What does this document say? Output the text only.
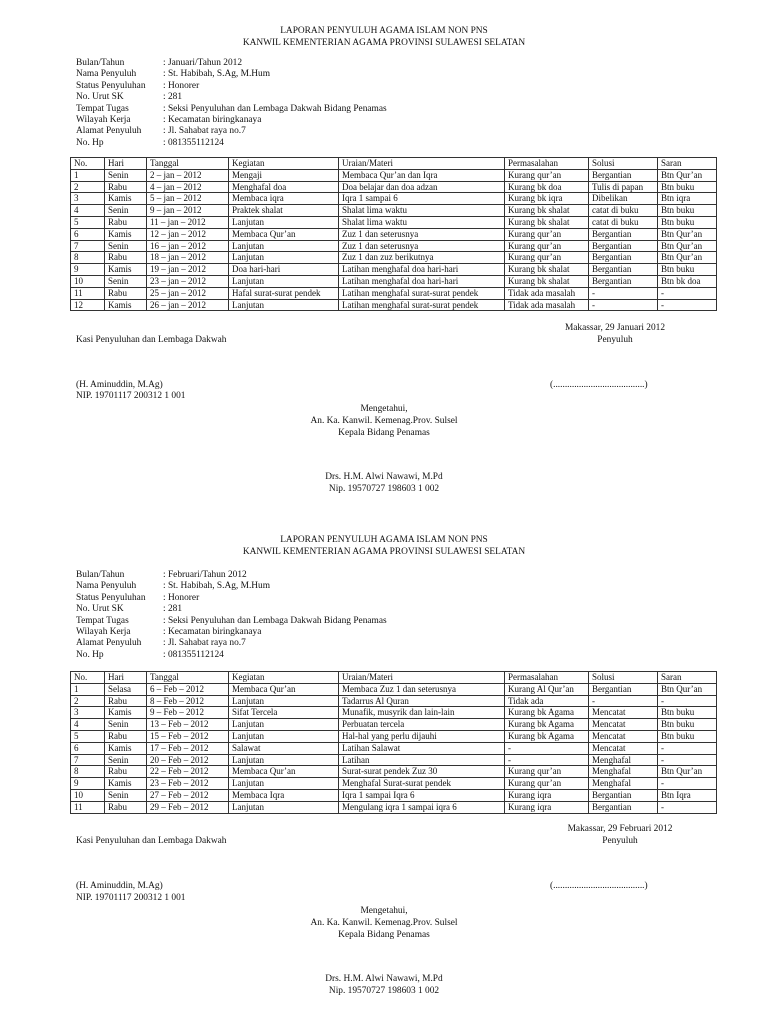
LAPORAN PENYULUH AGAMA ISLAM NON PNS
KANWIL KEMENTERIAN AGAMA PROVINSI SULAWESI SELATAN
Bulan/Tahun	: Januari/Tahun 2012
Nama Penyuluh	: St. Habibah, S.Ag, M.Hum
Status Penyuluhan : Honorer
No. Urut SK	: 281
Tempat Tugas	: Seksi Penyuluhan dan Lembaga Dakwah Bidang Penamas
Wilayah Kerja	: Kecamatan biringkanaya
Alamat Penyuluh : Jl. Sahabat raya no.7
No. Hp	: 081355112124
No.	Hari	Tanggal	Kegiatan	Uraian/Materi	Permasalahan	Solusi	Saran
1	Senin	2 – jan – 2012	Mengaji	Membaca Qur’an dan Iqra	Kurang qur’an	Bergantian	Btn Qur’an
2	Rabu	4 – jan – 2012	Menghafal doa	Doa belajar dan doa adzan	Kurang bk doa	Tulis di papan	Btn buku
3	Kamis	5 – jan – 2012	Membaca iqra	Iqra 1 sampai 6	Kurang bk iqra	Dibelikan	Btn iqra
4	Senin	9 – jan – 2012	Praktek shalat	Shalat lima waktu	Kurang bk shalat	catat di buku	Btn buku
5	Rabu	11 – jan – 2012	Lanjutan	Shalat lima waktu	Kurang bk shalat	catat di buku	Btn buku
6	Kamis	12 – jan – 2012	Membaca Qur’an	Zuz 1 dan seterusnya	Kurang qur’an	Bergantian	Btn Qur’an
7	Senin	16 – jan – 2012	Lanjutan	Zuz 1 dan seterusnya	Kurang qur’an	Bergantian	Btn Qur’an
8	Rabu	18 – jan – 2012	Lanjutan	Zuz 1 dan zuz berikutnya	Kurang qur’an	Bergantian	Btn Qur’an
9	Kamis	19 – jan – 2012	Doa hari-hari	Latihan menghafal doa hari-hari	Kurang bk shalat	Bergantian	Btn buku
10	Senin	23 – jan – 2012	Lanjutan	Latihan menghafal doa hari-hari	Kurang bk shalat	Bergantian	Btn bk doa
11	Rabu	25 – jan – 2012	Hafal surat-surat pendek	Latihan menghafal surat-surat pendek	Tidak ada masalah	-	-
12	Kamis	26 – jan – 2012	Lanjutan	Latihan menghafal surat-surat pendek	Tidak ada masalah	-	-
Makassar, 29 Januari 2012
Kasi Penyuluhan dan Lembaga Dakwah	Penyuluh
(H. Aminuddin, M.Ag)	(.......................................)
NIP. 19701117 200312 1 001
Mengetahui,
An. Ka. Kanwil. Kemenag.Prov. Sulsel
Kepala Bidang Penamas
Drs. H.M. Alwi Nawawi, M.Pd
Nip. 19570727 198603 1 002
LAPORAN PENYULUH AGAMA ISLAM NON PNS
KANWIL KEMENTERIAN AGAMA PROVINSI SULAWESI SELATAN
Bulan/Tahun	: Februari/Tahun 2012
Nama Penyuluh	: St. Habibah, S.Ag, M.Hum
Status Penyuluhan : Honorer
No. Urut SK	: 281
Tempat Tugas	: Seksi Penyuluhan dan Lembaga Dakwah Bidang Penamas
Wilayah Kerja	: Kecamatan biringkanaya
Alamat Penyuluh : Jl. Sahabat raya no.7
No. Hp	: 081355112124
No.	Hari	Tanggal	Kegiatan	Uraian/Materi	Permasalahan	Solusi	Saran
1	Selasa	6 – Feb – 2012	Membaca Qur’an	Membaca Zuz 1 dan seterusnya	Kurang Al Qur’an	Bergantian	Btn Qur’an
2	Rabu	8 – Feb – 2012	Lanjutan	Tadarrus Al Quran	Tidak ada	-	-
3	Kamis	9 – Feb – 2012	Sifat Tercela	Munafik, musyrik dan lain-lain	Kurang bk Agama	Mencatat	Btn buku
4	Senin	13 – Feb – 2012	Lanjutan	Perbuatan tercela	Kurang bk Agama	Mencatat	Btn buku
5	Rabu	15 – Feb – 2012	Lanjutan	Hal-hal yang perlu dijauhi	Kurang bk Agama	Mencatat	Btn buku
6	Kamis	17 – Feb – 2012	Salawat	Latihan Salawat	-	Mencatat	-
7	Senin	20 – Feb – 2012	Lanjutan	Latihan	-	Menghafal	-
8	Rabu	22 – Feb – 2012	Membaca Qur’an	Surat-surat pendek Zuz 30	Kurang qur’an	Menghafal	Btn Qur’an
9	Kamis	23 – Feb – 2012	Lanjutan	Menghafal Surat-surat pendek	Kurang qur’an	Menghafal	-
10	Senin	27 – Feb – 2012	Membaca Iqra	Iqra 1 sampai Iqra 6	Kurang iqra	Bergantian	Btn Iqra
11	Rabu	29 – Feb – 2012	Lanjutan	Mengulang iqra 1 sampai iqra 6	Kurang iqra	Bergantian	-
Makassar, 29 Februari 2012
Kasi Penyuluhan dan Lembaga Dakwah	Penyuluh
(H. Aminuddin, M.Ag)	(.......................................)
NIP. 19701117 200312 1 001
Mengetahui,
An. Ka. Kanwil. Kemenag.Prov. Sulsel
Kepala Bidang Penamas
Drs. H.M. Alwi Nawawi, M.Pd
Nip. 19570727 198603 1 002
